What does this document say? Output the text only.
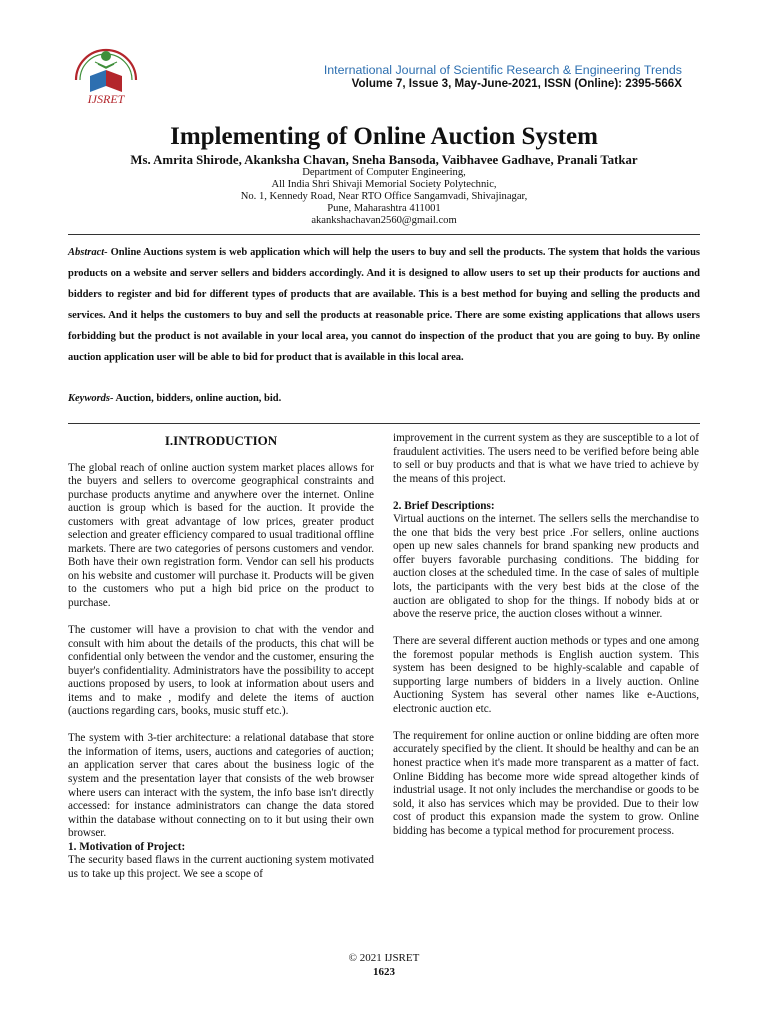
IJSRET
International Journal of Scientific Research & Engineering Trends
Volume 7, Issue 3, May-June-2021, ISSN (Online): 2395-566X
Implementing of Online Auction System
Ms. Amrita Shirode, Akanksha Chavan, Sneha Bansoda, Vaibhavee Gadhave, Pranali Tatkar
Department of Computer Engineering,
All India Shri Shivaji Memorial Society Polytechnic,
No. 1, Kennedy Road, Near RTO Office Sangamvadi, Shivajinagar,
Pune, Maharashtra 411001
akankshachavan2560@gmail.com
Abstract- Online Auctions system is web application which will help the users to buy and sell the products. The system that holds the various products on a website and server sellers and bidders accordingly. And it is designed to allow users to set up their products for auctions and bidders to register and bid for different types of products that are available. This is a best method for buying and selling the products and services. And it helps the customers to buy and sell the products at reasonable price. There are some existing applications that allows users forbidding but the product is not available in your local area, you cannot do inspection of the product that you are going to buy. By online auction application user will be able to bid for product that is available in this local area.
Keywords- Auction, bidders, online auction, bid.
I.INTRODUCTION

The global reach of online auction system market places allows for the buyers and sellers to overcome geographical constraints and purchase products anytime and anywhere over the internet. Online auction is group which is based for the auction. It provide the customers with great advantage of low prices, greater product selection and greater efficiency compared to usual traditional offline markets. There are two categories of persons customers and vendor. Both have their own registration form. Vendor can sell his products on his website and customer will purchase it. Products will be given to the customers who put a high bid price on the product to purchase.

The customer will have a provision to chat with the vendor and consult with him about the details of the products, this chat will be confidential only between the vendor and the customer, ensuring the buyer's confidentiality. Administrators have the possibility to accept auctions proposed by users, to look at information about users and items and to make , modify and delete the items of auction (auctions regarding cars, books, music stuff etc.).

The system with 3-tier architecture: a relational database that store the information of items, users, auctions and categories of auction; an application server that cares about the business logic of the system and the presentation layer that consists of the web browser where users can interact with the system, the info base isn't directly accessed: for instance administrators can change the data stored within the database without connecting on to it but using their own browser.

1. Motivation of Project:

The security based flaws in the current auctioning system motivated us to take up this project. We see a scope of

improvement in the current system as they are susceptible to a lot of fraudulent activities. The users need to be verified before being able to sell or buy products and that is what we have tried to achieve by the means of this project.

2. Brief Descriptions:

Virtual auctions on the internet. The sellers sells the merchandise to the one that bids the very best price .For sellers, online auctions open up new sales channels for brand spanking new products and offer buyers favorable purchasing conditions. The bidding for auction closes at the scheduled time. In the case of sales of multiple lots, the participants with the very best bids at the close of the auction are obligated to shop for the things. If nobody bids at or above the reserve price, the auction closes without a winner.

There are several different auction methods or types and one among the foremost popular methods is English auction system. This system has been designed to be highly-scalable and capable of supporting large numbers of bidders in a lively auction. Online Auctioning System has several other names like e-Auctions, electronic auction etc.

The requirement for online auction or online bidding are often more accurately specified by the client. It should be healthy and can be an honest practice when it's made more transparent as a matter of fact. Online Bidding has become more wide spread altogether kinds of industrial usage. It not only includes the merchandise or goods to be sold, it also has services which may be provided. Due to their low cost of product this expansion made the system to grow. Online bidding has become a typical method for procurement process.

© 2021 IJSRET
1623
